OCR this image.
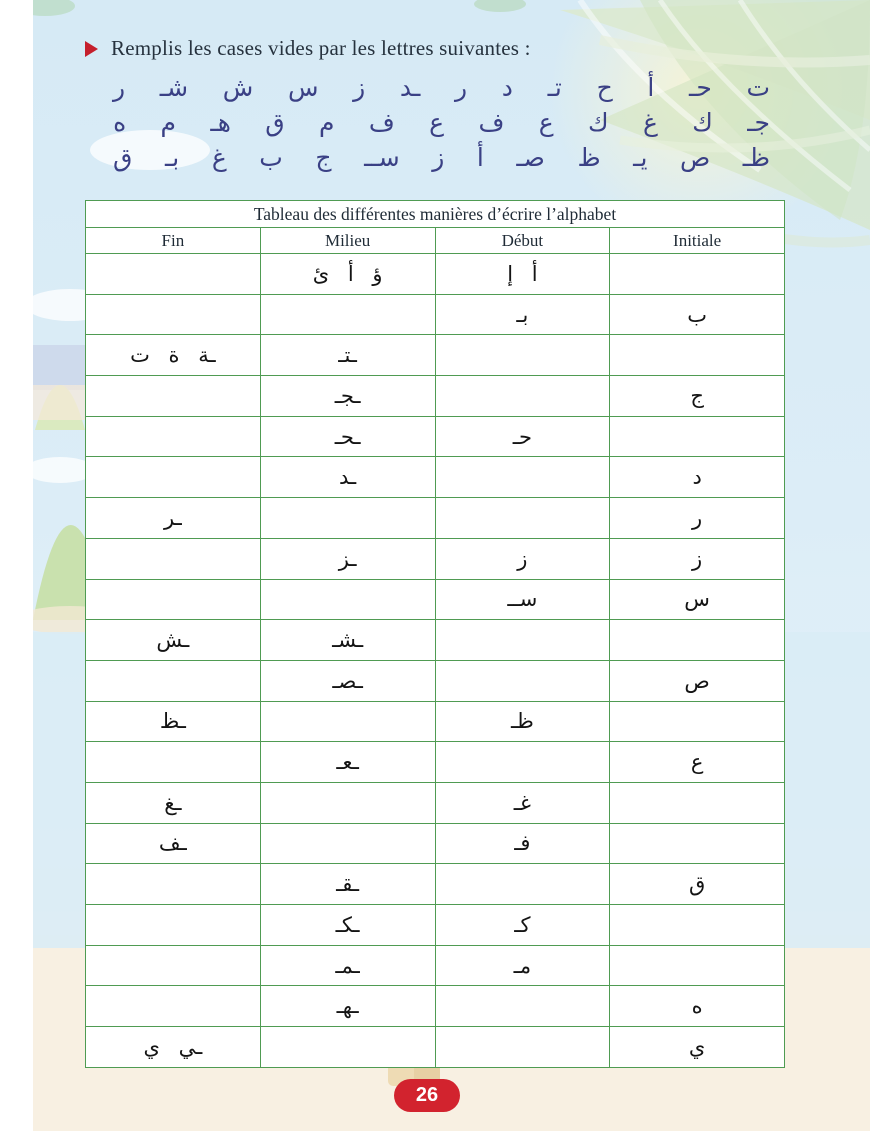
Remplis les cases vides par les lettres suivantes :
ت
حـ
أ
ح
تـ
د
ر
ـد
ز
س
ش
شـ
ر
جـ
ك
غ
ك
ع
ف
ع
ف
م
ق
هـ
م
ه
ظـ
ص
يـ
ظ
صـ
أ
ز
ســ
ج
ب
غ
بـ
ق
Tableau des différentes manières d’écrire l’alphabet			
Fin	Milieu	Début	Initiale
	ؤ أ ئ	أ إ	
		بـ	ب
ـة ة ت	ـتـ		
	ـجـ		ج
	ـحـ	حـ	
	ـد		د
ـر			ر
	ـز	ز	ز
		ســ	س
ـش	ـشـ		
	ـصـ		ص
ـظ		ظـ	
	ـعـ		ع
ـغ		غـ	
ـف		فـ	
	ـقـ		ق
	ـكـ	كـ	
	ـمـ	مـ	
	ـهـ		ه
ـي ي			ي
26
